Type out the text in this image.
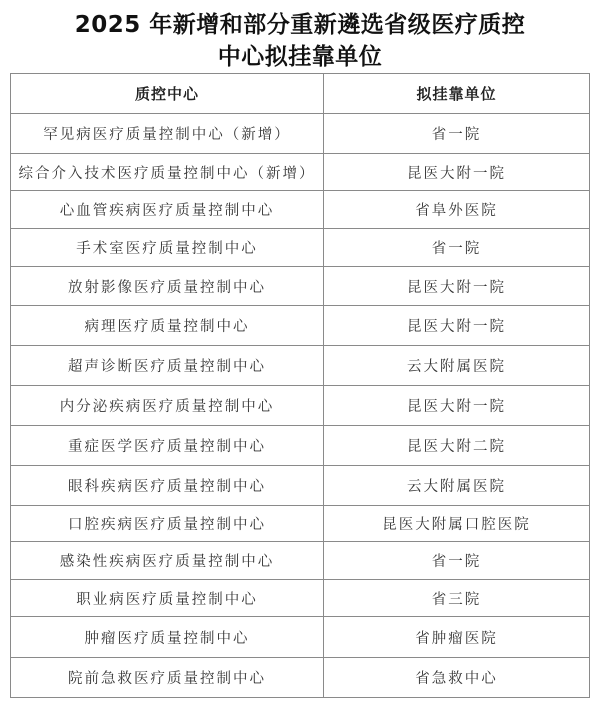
2025 年新增和部分重新遴选省级医疗质控
中心拟挂靠单位
质控中心	拟挂靠单位
罕见病医疗质量控制中心（新增）	省一院
综合介入技术医疗质量控制中心（新增）	昆医大附一院
心血管疾病医疗质量控制中心	省阜外医院
手术室医疗质量控制中心	省一院
放射影像医疗质量控制中心	昆医大附一院
病理医疗质量控制中心	昆医大附一院
超声诊断医疗质量控制中心	云大附属医院
内分泌疾病医疗质量控制中心	昆医大附一院
重症医学医疗质量控制中心	昆医大附二院
眼科疾病医疗质量控制中心	云大附属医院
口腔疾病医疗质量控制中心	昆医大附属口腔医院
感染性疾病医疗质量控制中心	省一院
职业病医疗质量控制中心	省三院
肿瘤医疗质量控制中心	省肿瘤医院
院前急救医疗质量控制中心	省急救中心
